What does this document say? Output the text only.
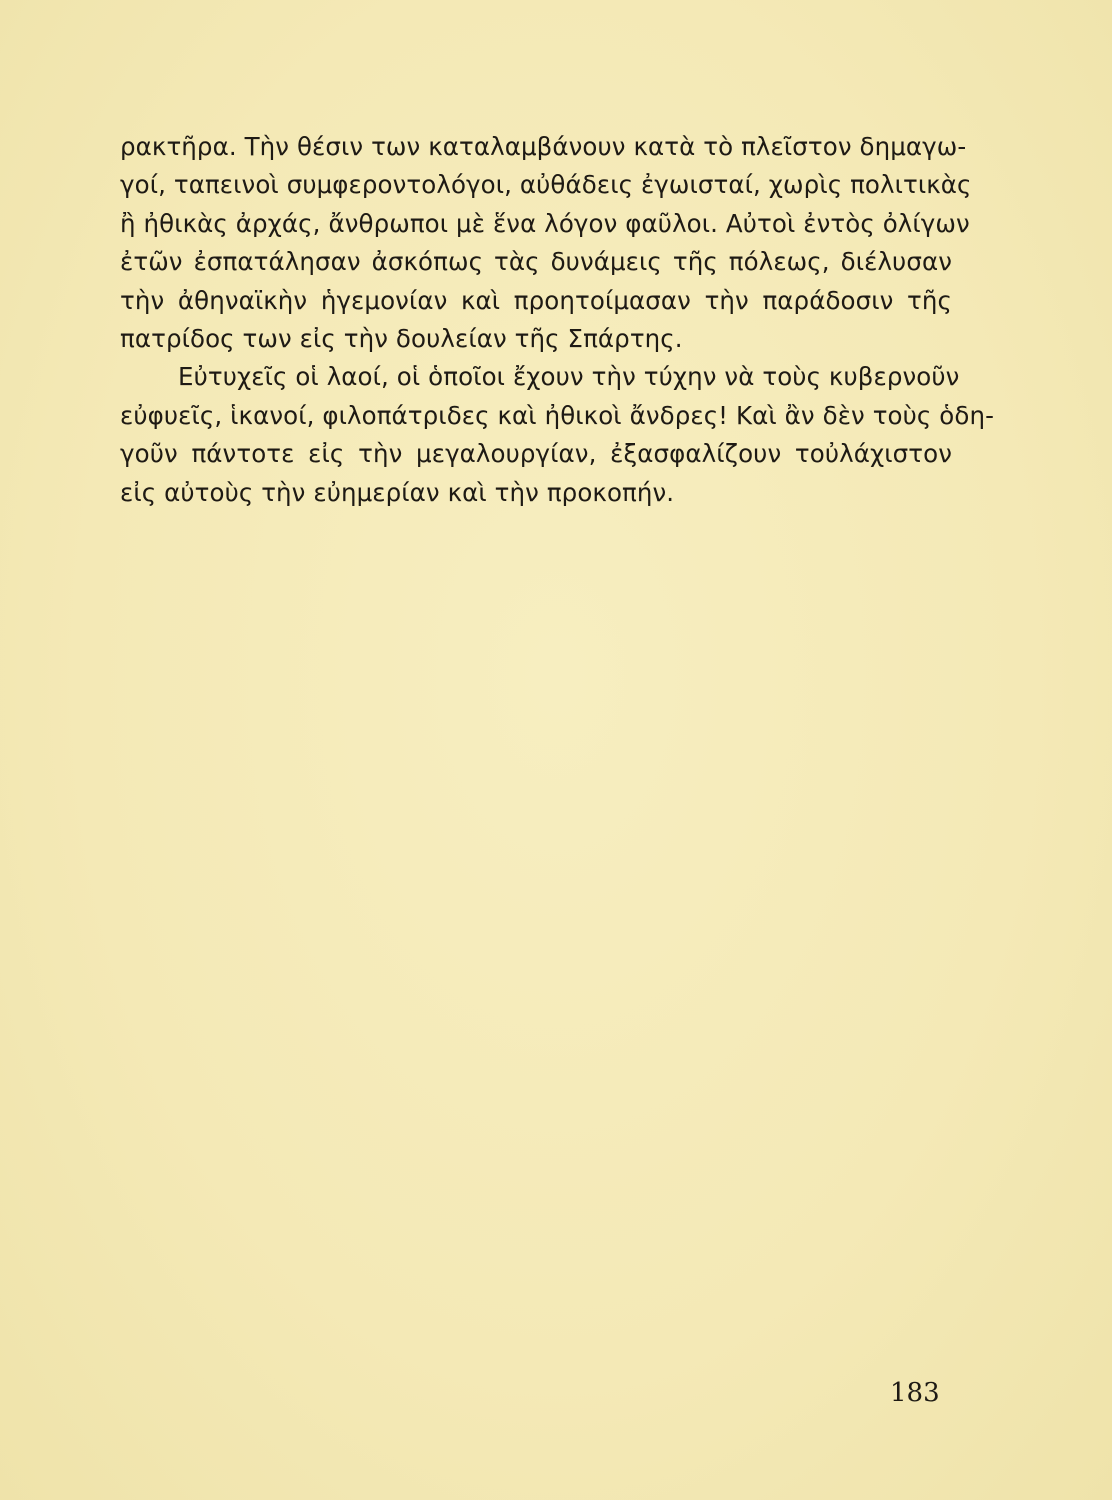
ρακτῆρα. Τὴν θέσιν των καταλαμβάνουν κατὰ τὸ πλεῖστον δημαγω-
γοί, ταπεινοὶ συμφεροντολόγοι, αὐθάδεις ἐγωισταί, χωρὶς πολιτικὰς
ἢ ἠθικὰς ἀρχάς, ἄνθρωποι μὲ ἕνα λόγον φαῦλοι. Αὐτοὶ ἐντὸς ὀλίγων
ἐτῶν ἐσπατάλησαν ἀσκόπως τὰς δυνάμεις τῆς πόλεως, διέλυσαν
τὴν ἀθηναϊκὴν ἡγεμονίαν καὶ προητοίμασαν τὴν παράδοσιν τῆς
πατρίδος των εἰς τὴν δουλείαν τῆς Σπάρτης.

Εὐτυχεῖς οἱ λαοί, οἱ ὁποῖοι ἔχουν τὴν τύχην νὰ τοὺς κυβερνοῦν
εὐφυεῖς, ἱκανοί, φιλοπάτριδες καὶ ἠθικοὶ ἄνδρες! Καὶ ἂν δὲν τοὺς ὁδη-
γοῦν πάντοτε εἰς τὴν μεγαλουργίαν, ἐξασφαλίζουν τοὐλάχιστον
εἰς αὐτοὺς τὴν εὐημερίαν καὶ τὴν προκοπήν.

183
